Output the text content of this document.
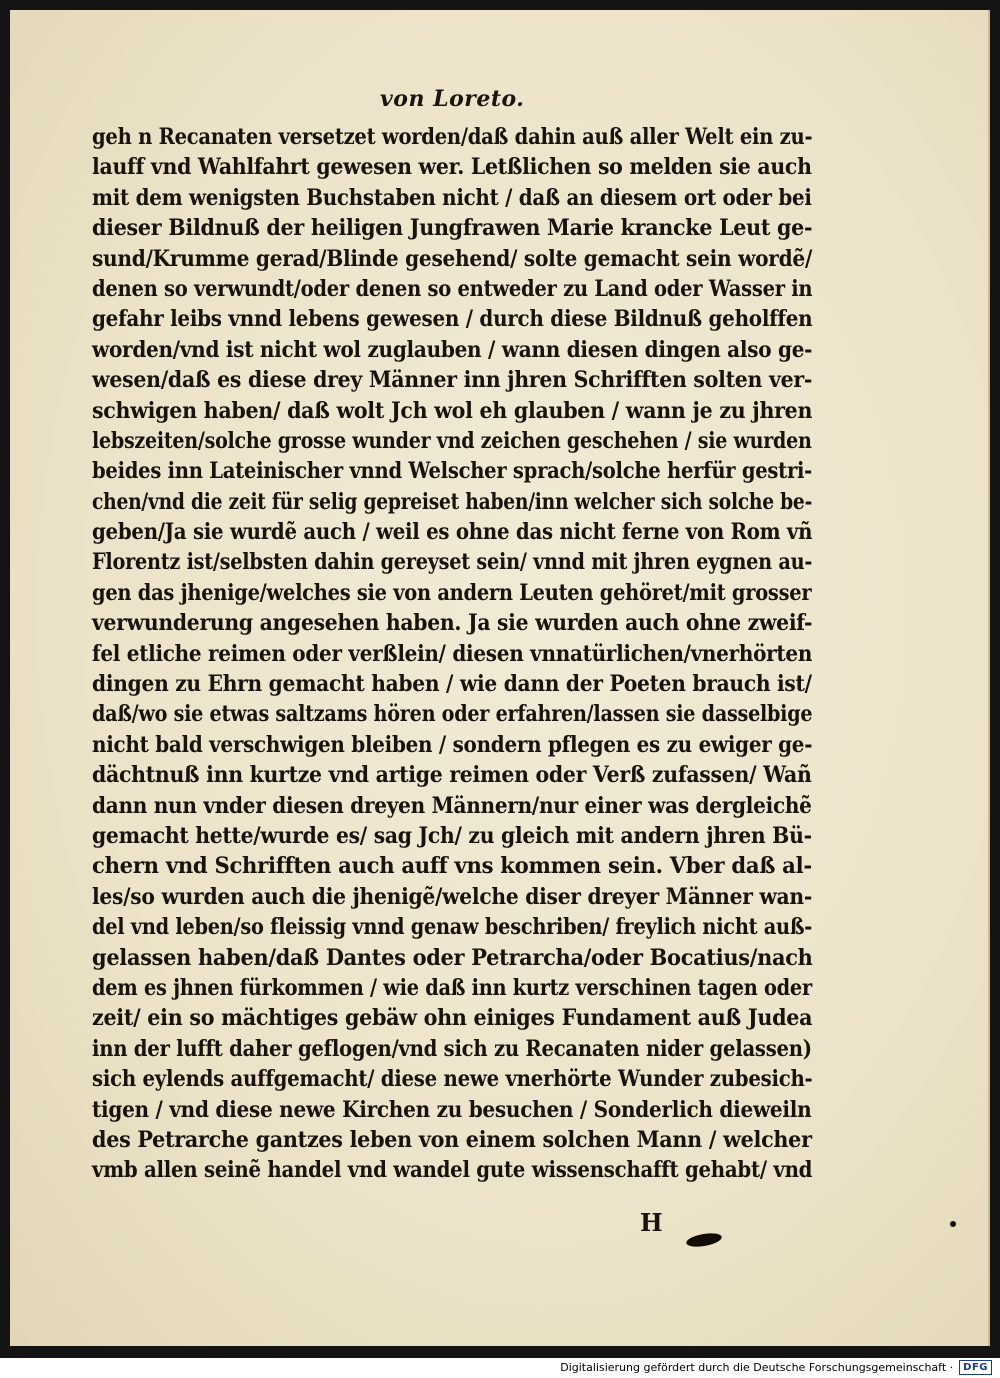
von Loreto.
geh n Recanaten versetzet worden/daß dahin auß aller Welt ein zu-
lauff vnd Wahlfahrt gewesen wer. Letßlichen so melden sie auch
mit dem wenigsten Buchstaben nicht / daß an diesem ort oder bei
dieser Bildnuß der heiligen Jungfrawen Marie krancke Leut ge-
sund/Krumme gerad/Blinde gesehend/ solte gemacht sein wordẽ/
denen so verwundt/oder denen so entweder zu Land oder Wasser in
gefahr leibs vnnd lebens gewesen / durch diese Bildnuß geholffen
worden/vnd ist nicht wol zuglauben / wann diesen dingen also ge-
wesen/daß es diese drey Männer inn jhren Schrifften solten ver-
schwigen haben/ daß wolt Jch wol eh glauben / wann je zu jhren
lebszeiten/solche grosse wunder vnd zeichen geschehen / sie wurden
beides inn Lateinischer vnnd Welscher sprach/solche herfür gestri-
chen/vnd die zeit für selig gepreiset haben/inn welcher sich solche be-
geben/Ja sie wurdẽ auch / weil es ohne das nicht ferne von Rom vñ
Florentz ist/selbsten dahin gereyset sein/ vnnd mit jhren eygnen au-
gen das jhenige/welches sie von andern Leuten gehöret/mit grosser
verwunderung angesehen haben. Ja sie wurden auch ohne zweif-
fel etliche reimen oder verßlein/ diesen vnnatürlichen/vnerhörten
dingen zu Ehrn gemacht haben / wie dann der Poeten brauch ist/
daß/wo sie etwas saltzams hören oder erfahren/lassen sie dasselbige
nicht bald verschwigen bleiben / sondern pflegen es zu ewiger ge-
dächtnuß inn kurtze vnd artige reimen oder Verß zufassen/ Wañ
dann nun vnder diesen dreyen Männern/nur einer was dergleichẽ
gemacht hette/wurde es/ sag Jch/ zu gleich mit andern jhren Bü-
chern vnd Schrifften auch auff vns kommen sein. Vber daß al-
les/so wurden auch die jhenigẽ/welche diser dreyer Männer wan-
del vnd leben/so fleissig vnnd genaw beschriben/ freylich nicht auß-
gelassen haben/daß Dantes oder Petrarcha/oder Bocatius/nach
dem es jhnen fürkommen / wie daß inn kurtz verschinen tagen oder
zeit/ ein so mächtiges gebäw ohn einiges Fundament auß Judea
inn der lufft daher geflogen/vnd sich zu Recanaten nider gelassen)
sich eylends auffgemacht/ diese newe vnerhörte Wunder zubesich-
tigen / vnd diese newe Kirchen zu besuchen / Sonderlich dieweiln
des Petrarche gantzes leben von einem solchen Mann / welcher
vmb allen seinẽ handel vnd wandel gute wissenschafft gehabt/ vnd
H
Digitalisierung gefördert durch die Deutsche Forschungsgemeinschaft ·	DFG
